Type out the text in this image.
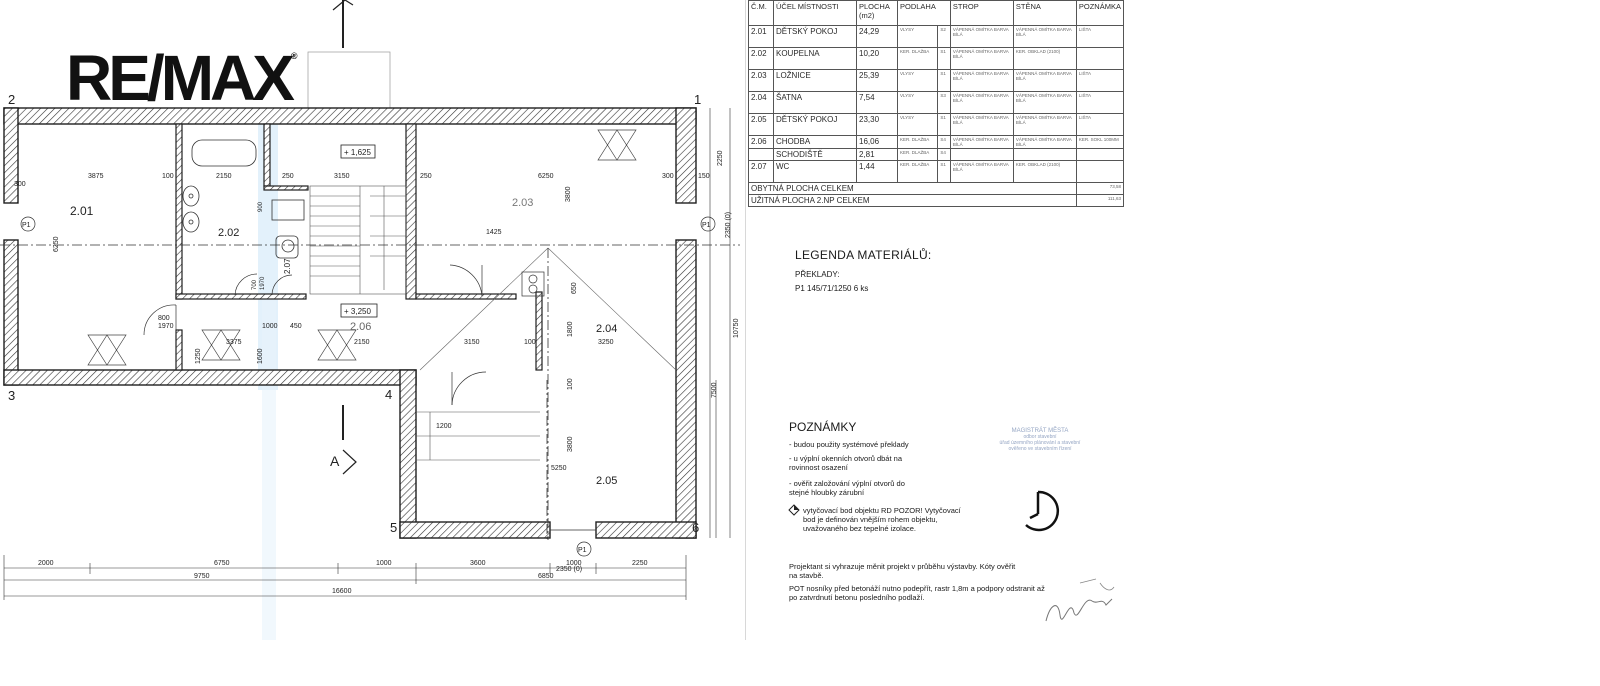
1
2
3	4
5	6
A
2.01
2.02
2.03
2.04
2.05
2.06
2.07
+ 1,625
+ 3,250
P1
P1
P1
3875	100	2150	250	3150	250	6250	300	150
300
6250
3800
1425
3150	100	3250
1800
100
3800
5250
1200
800
1970
700 1970
1000 450
3375	2150
1250	1600
900
650
2000	6750	1000	3600	1000	2250
9750	6850
2350 (0)
16600
2250
2350 (0)
10750
7500
RE/MAX®
Č.M.	ÚČEL MÍSTNOSTI	PLOCHA (m2)	PODLAHA		STROP	STĚNA	POZNÁMKA
2.01	DĚTSKÝ POKOJ	24,29	VLYSY	S2	VÁPENNÁ OMÍTKA BARVA BÍLÁ	VÁPENNÁ OMÍTKA BARVA BÍLÁ	LIŠTA
2.02	KOUPELNA	10,20	KER. DLAŽBA	S1	VÁPENNÁ OMÍTKA BARVA BÍLÁ	KER. OBKLAD (2100)	
2.03	LOŽNICE	25,39	VLYSY	S1	VÁPENNÁ OMÍTKA BARVA BÍLÁ	VÁPENNÁ OMÍTKA BARVA BÍLÁ	LIŠTA
2.04	ŠATNA	7,54	VLYSY	S3	VÁPENNÁ OMÍTKA BARVA BÍLÁ	VÁPENNÁ OMÍTKA BARVA BÍLÁ	LIŠTA
2.05	DĚTSKÝ POKOJ	23,30	VLYSY	S1	VÁPENNÁ OMÍTKA BARVA BÍLÁ	VÁPENNÁ OMÍTKA BARVA BÍLÁ	LIŠTA
2.06	CHODBA	16,06	KER. DLAŽBA	S4	VÁPENNÁ OMÍTKA BARVA BÍLÁ	VÁPENNÁ OMÍTKA BARVA BÍLÁ	KER. SOKL 100MM
	SCHODIŠTĚ	2,81	KER. DLAŽBA	S4			
2.07	WC	1,44	KER. DLAŽBA	S1	VÁPENNÁ OMÍTKA BARVA BÍLÁ	KER. OBKLAD (2100)	
OBYTNÁ PLOCHA CELKEM							73,58
UŽITNÁ PLOCHA 2.NP CELKEM							111,63
LEGENDA MATERIÁLŮ:
PŘEKLADY:
P1 145/71/1250 6 ks
POZNÁMKY
- budou použity systémové překlady
- u výplní okenních otvorů dbát na rovinnost osazení
- ověřit založování výplní otvorů do stejné hloubky zárubní
vytyčovací bod objektu RD POZOR! Vytyčovací bod je definován vnějším rohem objektu, uvažovaného bez tepelné izolace.
Projektant si vyhrazuje měnit projekt v průběhu výstavby. Kóty ověřit na stavbě.
POT nosníky před betonáží nutno podepřít, rastr 1,8m a podpory odstranit až po zatvrdnutí betonu posledního podlaží.
MAGISTRÁT MĚSTA
odbor stavební
úřad územního plánování a stavební
ověřeno ve stavebním řízení
